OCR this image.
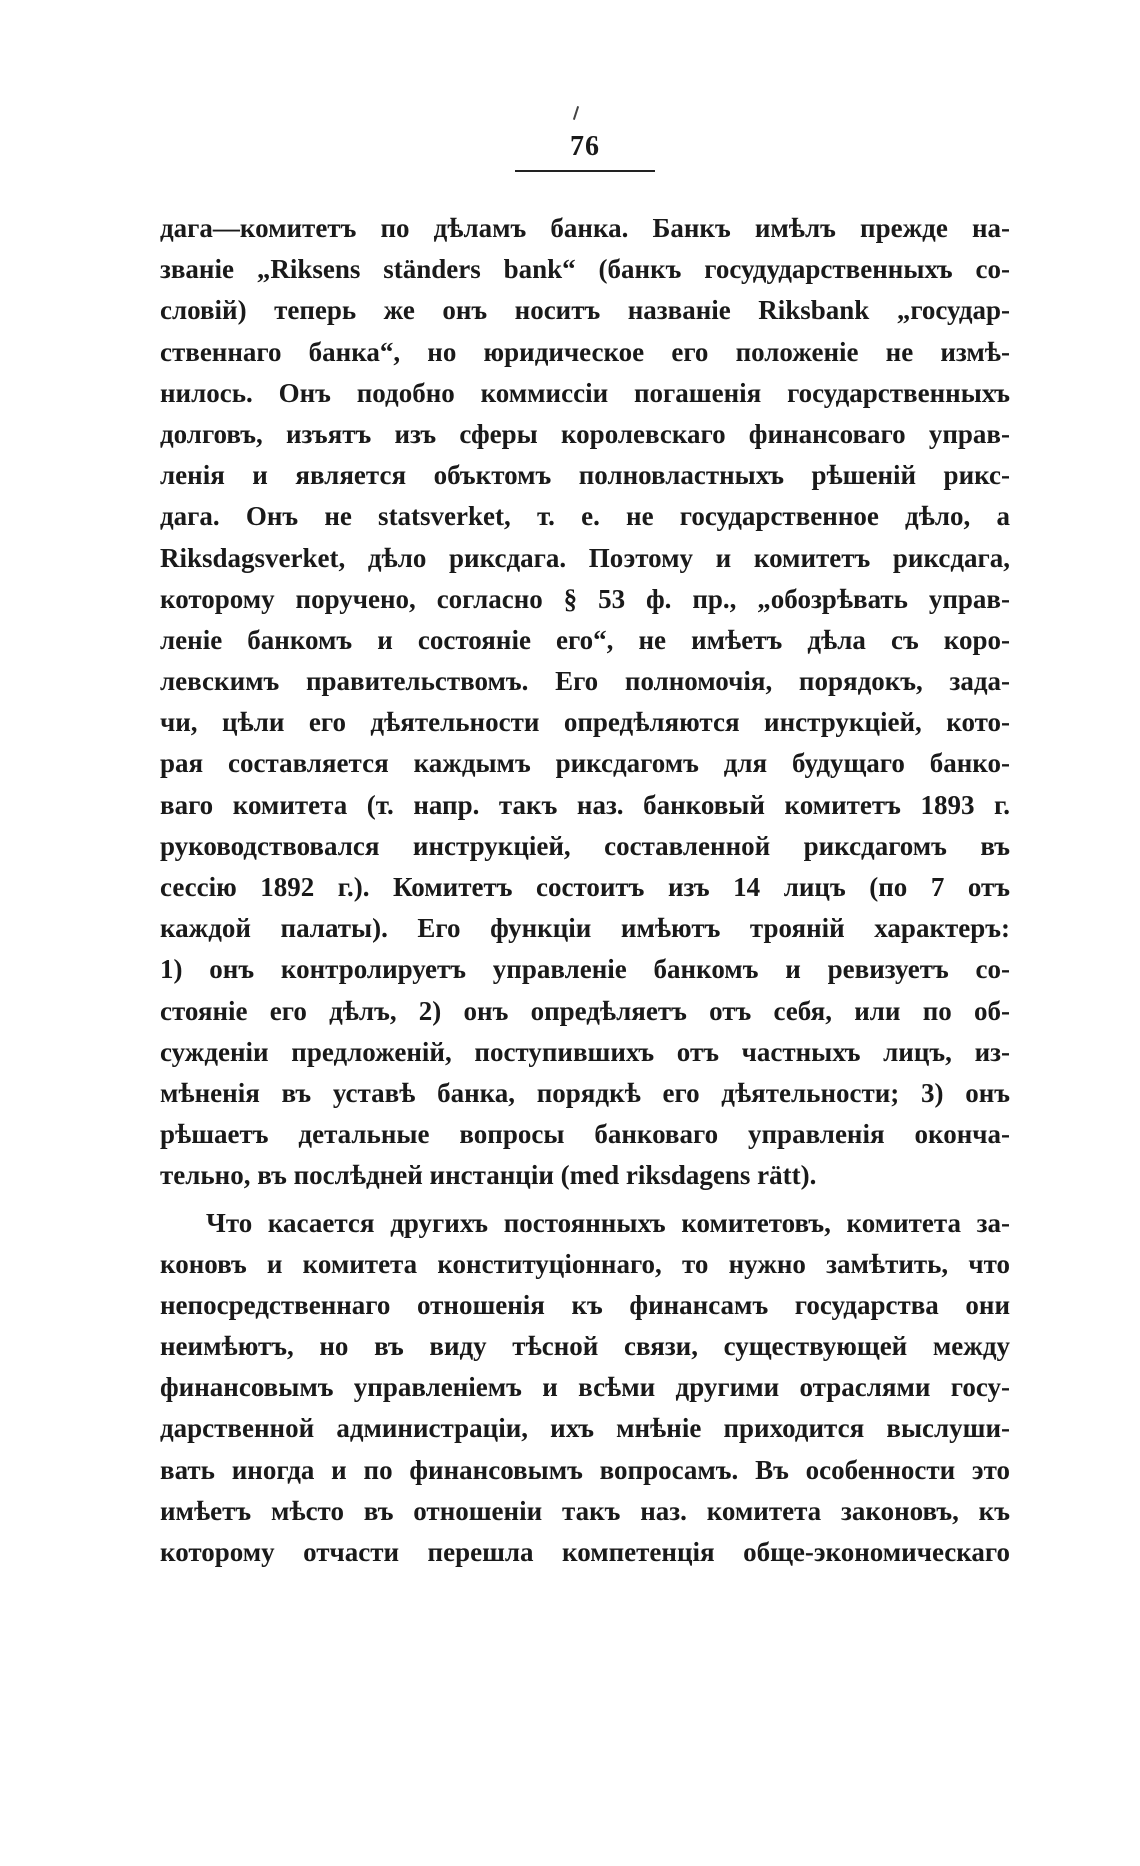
76
дага—комитетъ по дѣламъ банка. Банкъ имѣлъ прежде на-
званіе „Riksens ständers bank“ (банкъ госудударственныхъ со-
словій) теперь же онъ носитъ названіе Riksbank „государ-
ственнаго банка“, но юридическое его положеніе не измѣ-
нилось. Онъ подобно коммиссіи погашенія государственныхъ
долговъ, изъятъ изъ сферы королевскаго финансоваго управ-
ленія и является объктомъ полновластныхъ рѣшеній рикс-
дага. Онъ не statsverket, т. е. не государственное дѣло, а
Riksdagsverket, дѣло риксдага. Поэтому и комитетъ риксдага,
которому поручено, согласно § 53 ф. пр., „обозрѣвать управ-
леніе банкомъ и состояніе его“, не имѣетъ дѣла съ коро-
левскимъ правительствомъ. Его полномочія, порядокъ, зада-
чи, цѣли его дѣятельности опредѣляются инструкціей, кото-
рая составляется каждымъ риксдагомъ для будущаго банко-
ваго комитета (т. напр. такъ наз. банковый комитетъ 1893 г.
руководствовался инструкціей, составленной риксдагомъ въ
сессію 1892 г.). Комитетъ состоитъ изъ 14 лицъ (по 7 отъ
каждой палаты). Его функціи имѣютъ трояній характеръ:
1) онъ контролируетъ управленіе банкомъ и ревизуетъ со-
стояніе его дѣлъ, 2) онъ опредѣляетъ отъ себя, или по об-
сужденіи предложеній, поступившихъ отъ частныхъ лицъ, из-
мѣненія въ уставѣ банка, порядкѣ его дѣятельности; 3) онъ
рѣшаетъ детальные вопросы банковаго управленія оконча-
тельно, въ послѣдней инстанціи (med riksdagens rätt).
Что касается другихъ постоянныхъ комитетовъ, комитета за-
коновъ и комитета конституціоннаго, то нужно замѣтить, что
непосредственнаго отношенія къ финансамъ государства они
неимѣютъ, но въ виду тѣсной связи, существующей между
финансовымъ управленіемъ и всѣми другими отраслями госу-
дарственной администраціи, ихъ мнѣніе приходится выслуши-
вать иногда и по финансовымъ вопросамъ. Въ особенности это
имѣетъ мѣсто въ отношеніи такъ наз. комитета законовъ, къ
которому отчасти перешла компетенція обще-экономическаго
